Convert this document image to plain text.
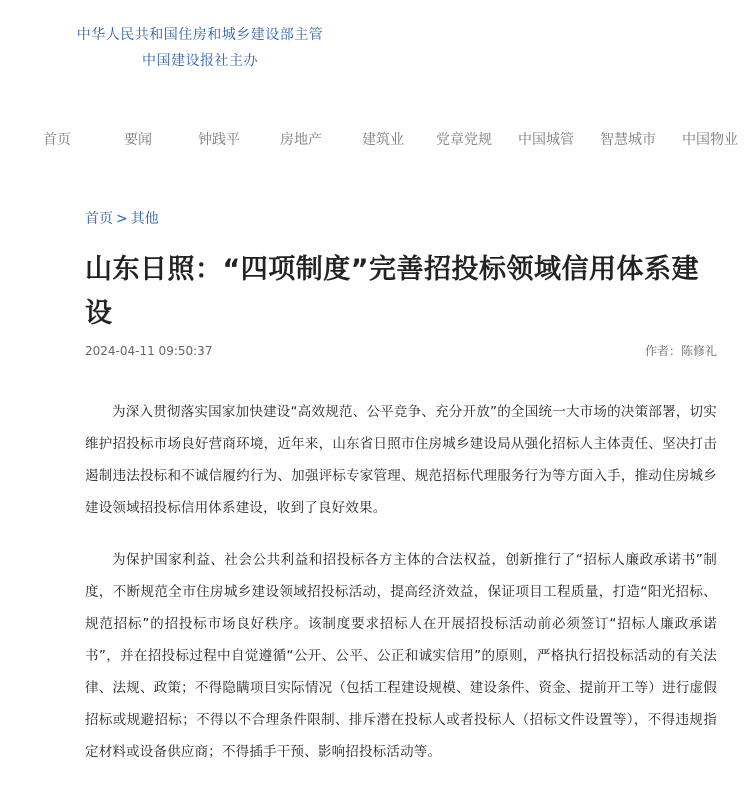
中华人民共和国住房和城乡建设部主管
中国建设报社主办
首页	要闻	钟践平	房地产	建筑业 党章党规 中国城管 智慧城市 中国物业
首页 > 其他
山东日照：“四项制度”完善招投标领域信用体系建设
2024-04-11 09:50:37	作者：陈修礼

为深入贯彻落实国家加快建设“高效规范、公平竞争、充分开放”的全国统一大市场的决策部署，切实维护招投标市场良好营商环境，近年来，山东省日照市住房城乡建设局从强化招标人主体责任、坚决打击遏制违法投标和不诚信履约行为、加强评标专家管理、规范招标代理服务行为等方面入手，推动住房城乡建设领域招投标信用体系建设，收到了良好效果。

为保护国家利益、社会公共利益和招投标各方主体的合法权益，创新推行了“招标人廉政承诺书”制度，不断规范全市住房城乡建设领域招投标活动，提高经济效益，保证项目工程质量，打造“阳光招标、规范招标”的招投标市场良好秩序。该制度要求招标人在开展招投标活动前必须签订“招标人廉政承诺书”，并在招投标过程中自觉遵循“公开、公平、公正和诚实信用”的原则，严格执行招投标活动的有关法律、法规、政策；不得隐瞒项目实际情况（包括工程建设规模、建设条件、资金、提前开工等）进行虚假招标或规避招标；不得以不合理条件限制、排斥潜在投标人或者投标人（招标文件设置等），不得违规指定材料或设备供应商；不得插手干预、影响招投标活动等。
